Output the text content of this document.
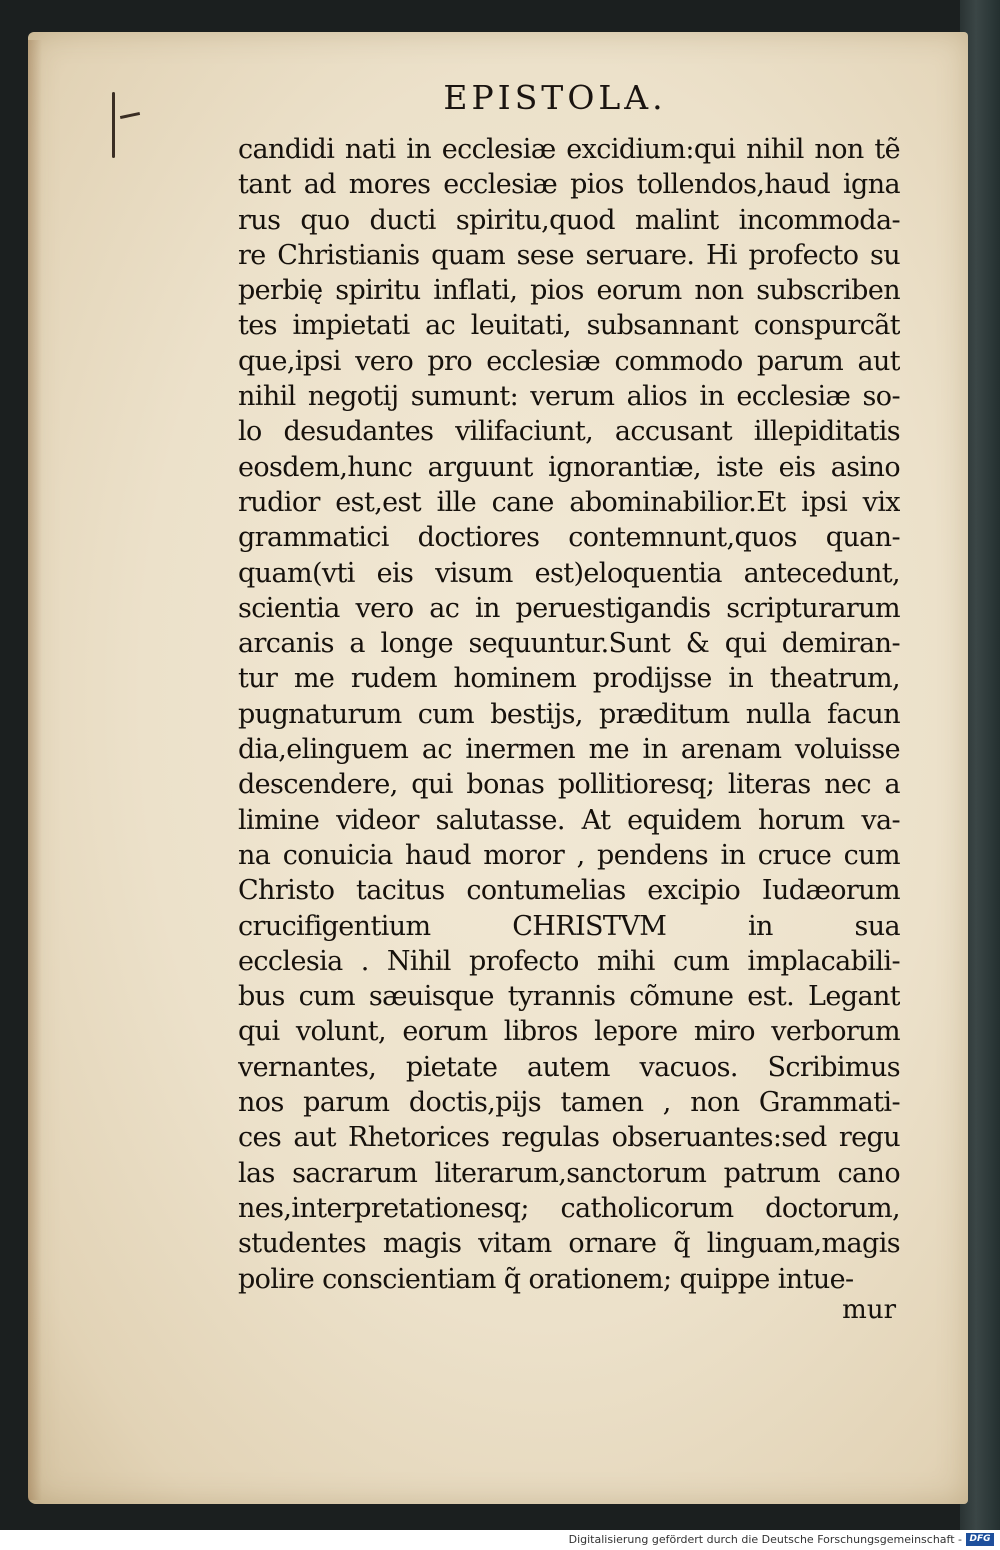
EPISTOLA.
candidi nati in ecclesiæ excidium:qui nihil non tẽ
tant ad mores ecclesiæ pios tollendos,haud igna
rus quo ducti spiritu,quod malint incommoda-
re Christianis quam sese seruare. Hi profecto su
perbię spiritu inflati, pios eorum non subscriben
tes impietati ac leuitati, subsannant conspurcãt
que,ipsi vero pro ecclesiæ commodo parum aut
nihil negotij sumunt: verum alios in ecclesiæ so-
lo desudantes vilifaciunt, accusant illepiditatis
eosdem,hunc arguunt ignorantiæ, iste eis asino
rudior est,est ille cane abominabilior.Et ipsi vix
grammatici doctiores contemnunt,quos quan-
quam(vti eis visum est)eloquentia antecedunt,
scientia vero ac in peruestigandis scripturarum
arcanis a longe sequuntur.Sunt & qui demiran-
tur me rudem hominem prodijsse in theatrum,
pugnaturum cum bestijs, præditum nulla facun
dia,elinguem ac inermen me in arenam voluisse
descendere, qui bonas pollitioresq; literas nec a
limine videor salutasse. At equidem horum va-
na conuicia haud moror , pendens in cruce cum
Christo tacitus contumelias excipio Iudæorum
crucifigentium CHRISTVM in sua
ecclesia . Nihil profecto mihi cum implacabili-
bus cum sæuisque tyrannis cõmune est. Legant
qui volunt, eorum libros lepore miro verborum
vernantes, pietate autem vacuos. Scribimus
nos parum doctis,pijs tamen , non Grammati-
ces aut Rhetorices regulas obseruantes:sed regu
las sacrarum literarum,sanctorum patrum cano
nes,interpretationesq; catholicorum doctorum,
studentes magis vitam ornare q̃ linguam,magis
polire conscientiam q̃ orationem; quippe intue-
mur
Digitalisierung gefördert durch die Deutsche Forschungsgemeinschaft - DFG
